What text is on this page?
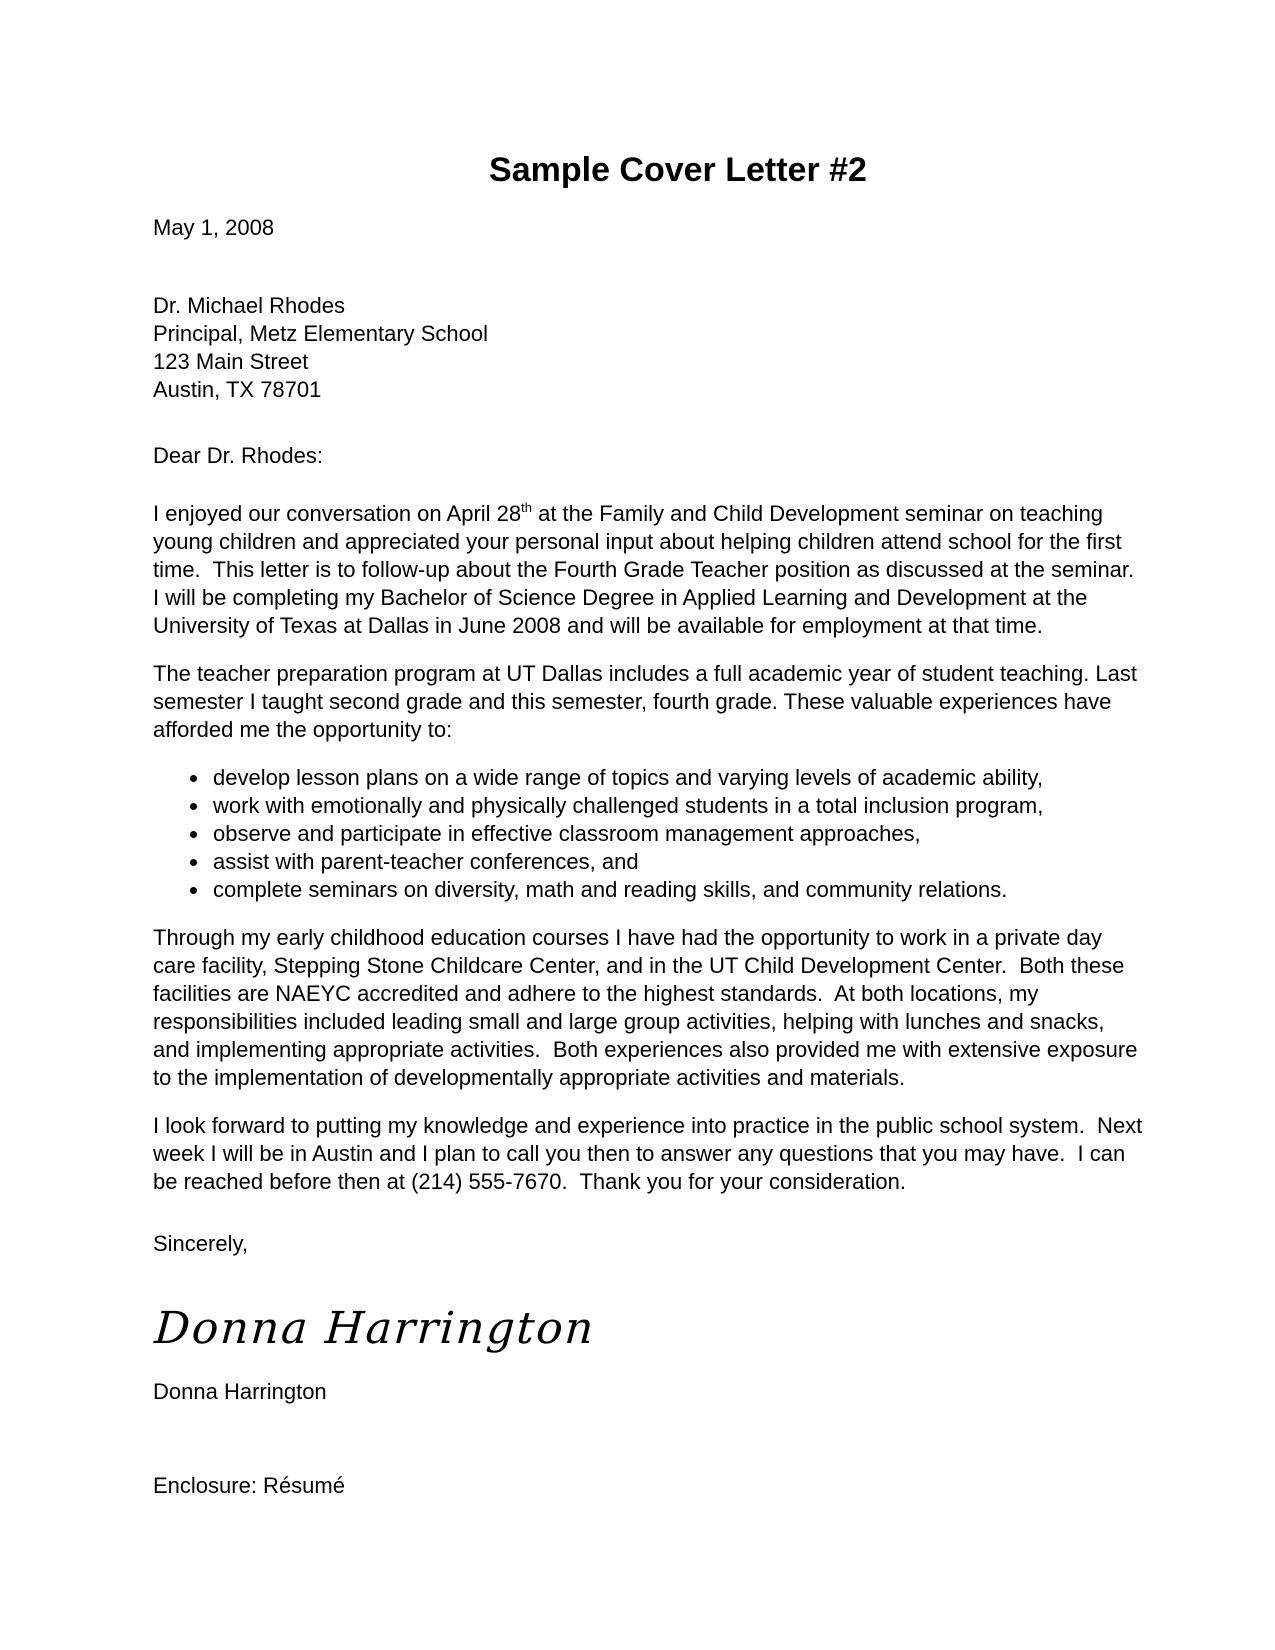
Sample Cover Letter #2
May 1, 2008
Dr. Michael Rhodes
Principal, Metz Elementary School
123 Main Street
Austin, TX 78701
Dear Dr. Rhodes:
I enjoyed our conversation on April 28th at the Family and Child Development seminar on teaching young children and appreciated your personal input about helping children attend school for the first time.  This letter is to follow-up about the Fourth Grade Teacher position as discussed at the seminar.  I will be completing my Bachelor of Science Degree in Applied Learning and Development at the University of Texas at Dallas in June 2008 and will be available for employment at that time.
The teacher preparation program at UT Dallas includes a full academic year of student teaching. Last semester I taught second grade and this semester, fourth grade. These valuable experiences have afforded me the opportunity to:
• develop lesson plans on a wide range of topics and varying levels of academic ability,
• work with emotionally and physically challenged students in a total inclusion program,
• observe and participate in effective classroom management approaches,
• assist with parent-teacher conferences, and
• complete seminars on diversity, math and reading skills, and community relations.
Through my early childhood education courses I have had the opportunity to work in a private day care facility, Stepping Stone Childcare Center, and in the UT Child Development Center.  Both these facilities are NAEYC accredited and adhere to the highest standards.  At both locations, my responsibilities included leading small and large group activities, helping with lunches and snacks, and implementing appropriate activities.  Both experiences also provided me with extensive exposure to the implementation of developmentally appropriate activities and materials.
I look forward to putting my knowledge and experience into practice in the public school system.  Next week I will be in Austin and I plan to call you then to answer any questions that you may have.  I can be reached before then at (214) 555-7670.  Thank you for your consideration.
Sincerely,
Donna Harrington
Donna Harrington
Enclosure: Résumé
